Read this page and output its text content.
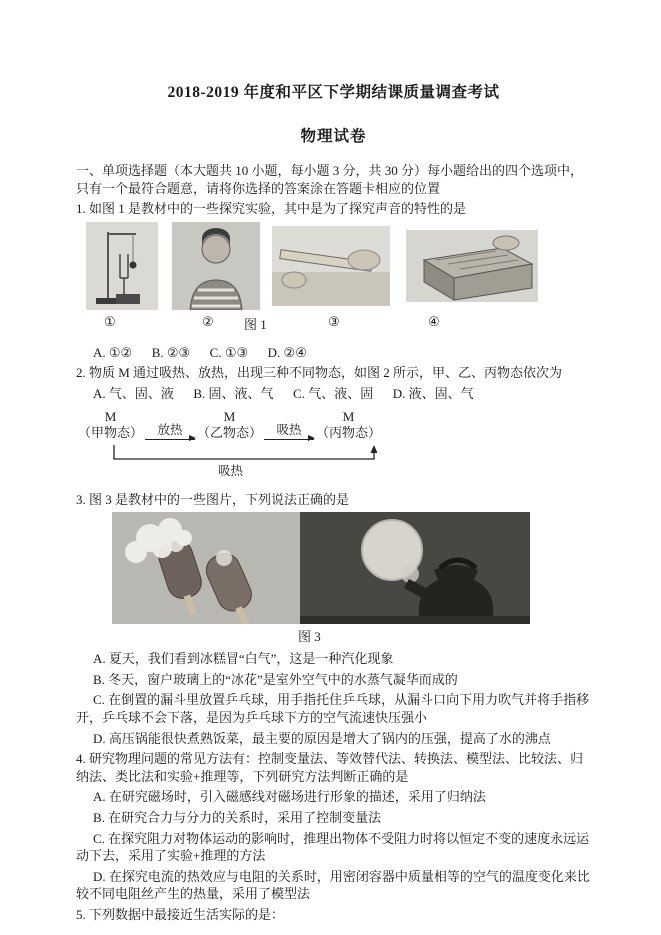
2018-2019 年度和平区下学期结课质量调查考试
物理试卷

一、单项选择题（本大题共 10 小题，每小题 3 分，共 30 分）每小题给出的四个选项中，只有一个最符合题意，请将你选择的答案涂在答题卡相应的位置

1. 如图 1 是教材中的一些探究实验，其中是为了探究声音的特性的是

①	② 图 1	③	④

A. ①②      B. ②③      C. ①③      D. ②④

2. 物质 M 通过吸热、放热，出现三种不同物态，如图 2 所示，甲、乙、丙物态依次为

A. 气、固、液      B. 固、液、气      C. 气、液、固      D. 液、固、气

M
（甲物态） 放热
M
（乙物态） 吸热
M
（丙物态）
吸热

3. 图 3 是教材中的一些图片，下列说法正确的是

图 3

A. 夏天，我们看到冰糕冒“白气”，这是一种汽化现象

B. 冬天，窗户玻璃上的“冰花”是室外空气中的水蒸气凝华而成的

C. 在倒置的漏斗里放置乒乓球，用手指托住乒乓球，从漏斗口向下用力吹气并将手指移开，乒乓球不会下落，是因为乒乓球下方的空气流速快压强小

D. 高压锅能很快煮熟饭菜，最主要的原因是增大了锅内的压强，提高了水的沸点

4. 研究物理问题的常见方法有：控制变量法、等效替代法、转换法、模型法、比较法、归纳法、类比法和实验+推理等，下列研究方法判断正确的是

A. 在研究磁场时，引入磁感线对磁场进行形象的描述，采用了归纳法

B. 在研究合力与分力的关系时，采用了控制变量法

C. 在探究阻力对物体运动的影响时，推理出物体不受阻力时将以恒定不变的速度永远运动下去，采用了实验+推理的方法

D. 在探究电流的热效应与电阻的关系时，用密闭容器中质量相等的空气的温度变化来比较不同电阻丝产生的热量，采用了模型法

5. 下列数据中最接近生活实际的是：
